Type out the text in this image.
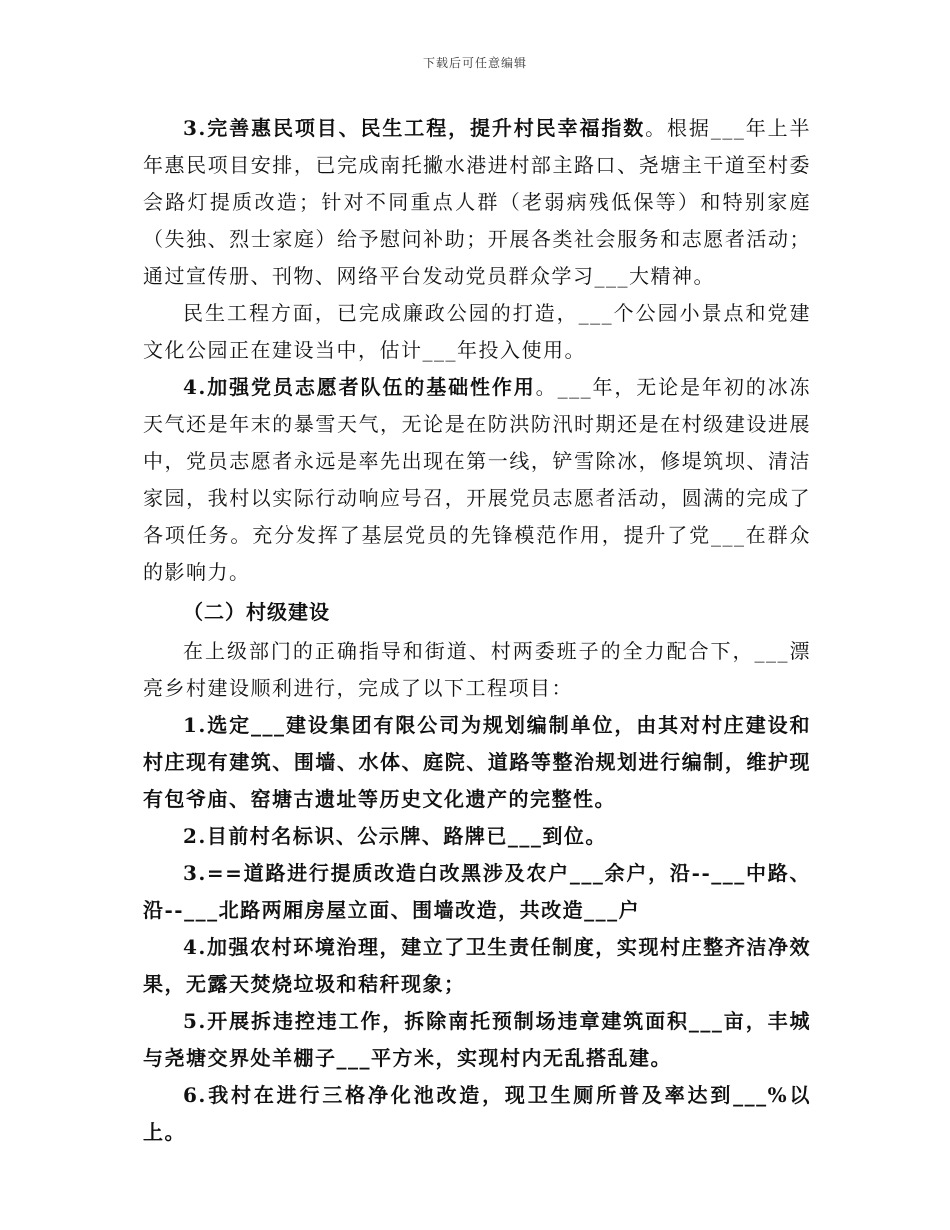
下载后可任意编辑

3.完善惠民项目、民生工程，提升村民幸福指数。根据___年上半年惠民项目安排，已完成南托撇水港进村部主路口、尧塘主干道至村委会路灯提质改造；针对不同重点人群（老弱病残低保等）和特别家庭（失独、烈士家庭）给予慰问补助；开展各类社会服务和志愿者活动；通过宣传册、刊物、网络平台发动党员群众学习___大精神。

民生工程方面，已完成廉政公园的打造，___个公园小景点和党建文化公园正在建设当中，估计___年投入使用。

4.加强党员志愿者队伍的基础性作用。___年，无论是年初的冰冻天气还是年末的暴雪天气，无论是在防洪防汛时期还是在村级建设进展中，党员志愿者永远是率先出现在第一线，铲雪除冰，修堤筑坝、清洁家园，我村以实际行动响应号召，开展党员志愿者活动，圆满的完成了各项任务。充分发挥了基层党员的先锋模范作用，提升了党___在群众的影响力。

（二）村级建设

在上级部门的正确指导和街道、村两委班子的全力配合下，___漂亮乡村建设顺利进行，完成了以下工程项目：

1.选定___建设集团有限公司为规划编制单位，由其对村庄建设和村庄现有建筑、围墙、水体、庭院、道路等整治规划进行编制，维护现有包爷庙、窑塘古遗址等历史文化遗产的完整性。

2.目前村名标识、公示牌、路牌已___到位。

3.==道路进行提质改造白改黑涉及农户___余户，沿--___中路、沿--___北路两厢房屋立面、围墙改造，共改造___户

4.加强农村环境治理，建立了卫生责任制度，实现村庄整齐洁净效果，无露天焚烧垃圾和秸秆现象；

5.开展拆违控违工作，拆除南托预制场违章建筑面积___亩，丰城与尧塘交界处羊棚子___平方米，实现村内无乱搭乱建。

6.我村在进行三格净化池改造，现卫生厕所普及率达到___%以上。
